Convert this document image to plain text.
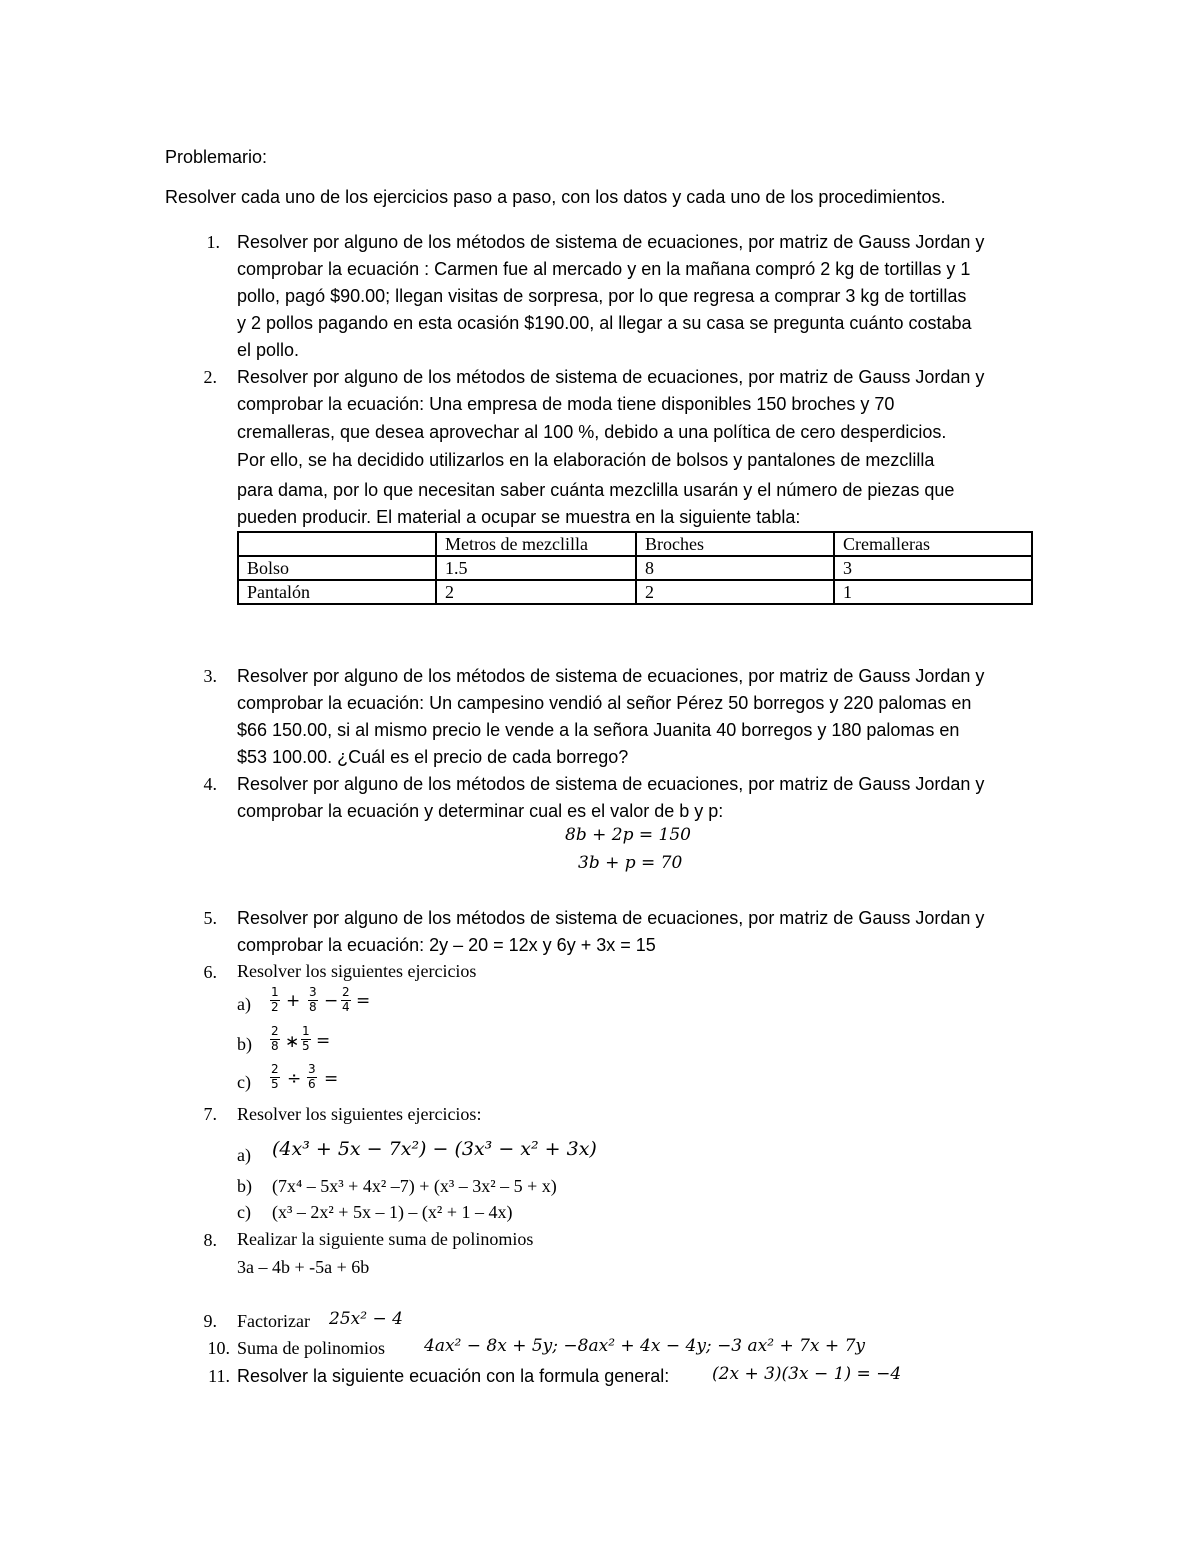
Problemario:
Resolver cada uno de los ejercicios paso a paso, con los datos y cada uno de los procedimientos.
1. Resolver por alguno de los métodos de sistema de ecuaciones, por matriz de Gauss Jordan y
comprobar la ecuación : Carmen fue al mercado y en la mañana compró 2 kg de tortillas y 1
pollo, pagó $90.00; llegan visitas de sorpresa, por lo que regresa a comprar 3 kg de tortillas
y 2 pollos pagando en esta ocasión $190.00, al llegar a su casa se pregunta cuánto costaba
el pollo.
2. Resolver por alguno de los métodos de sistema de ecuaciones, por matriz de Gauss Jordan y
comprobar la ecuación: Una empresa de moda tiene disponibles 150 broches y 70
cremalleras, que desea aprovechar al 100 %, debido a una política de cero desperdicios.
Por ello, se ha decidido utilizarlos en la elaboración de bolsos y pantalones de mezclilla
para dama, por lo que necesitan saber cuánta mezclilla usarán y el número de piezas que
pueden producir. El material a ocupar se muestra en la siguiente tabla:
	Metros de mezclilla	Broches	Cremalleras
Bolso	1.5	8	3
Pantalón	2	2	1
3. Resolver por alguno de los métodos de sistema de ecuaciones, por matriz de Gauss Jordan y
comprobar la ecuación: Un campesino vendió al señor Pérez 50 borregos y 220 palomas en
$66 150.00, si al mismo precio le vende a la señora Juanita 40 borregos y 180 palomas en
$53 100.00. ¿Cuál es el precio de cada borrego?
4. Resolver por alguno de los métodos de sistema de ecuaciones, por matriz de Gauss Jordan y
comprobar la ecuación y determinar cual es el valor de b y p:
8b + 2p = 150
3b + p = 70
5. Resolver por alguno de los métodos de sistema de ecuaciones, por matriz de Gauss Jordan y
comprobar la ecuación: 2y – 20 = 12x y 6y + 3x = 15
6. Resolver los siguientes ejercicios
$a) \frac{1}{2} + \frac{3}{8} - \frac{2}{4}$ =
$b) \frac{2}{8}$ ∗ $\frac{1}{5}$ =
$c) \frac{2}{5} \div \frac{3}{6}$ =
7. Resolver los siguientes ejercicios:
a) (4x³ + 5x − 7x²) − (3x³ − x² + 3x)
b) (7x⁴ – 5x³ + 4x² –7) + (x³ – 3x² – 5 + x)
c) (x³ – 2x² + 5x – 1) – (x² + 1 – 4x)
8. Realizar la siguiente suma de polinomios
3a – 4b + -5a + 6b
9. Factorizar 25x² − 4
10. Suma de polinomios 4ax² − 8x + 5y; −8ax² + 4x − 4y; −3 ax² + 7x + 7y
11. Resolver la siguiente ecuación con la formula general:	(2x + 3)(3x − 1) = −4
